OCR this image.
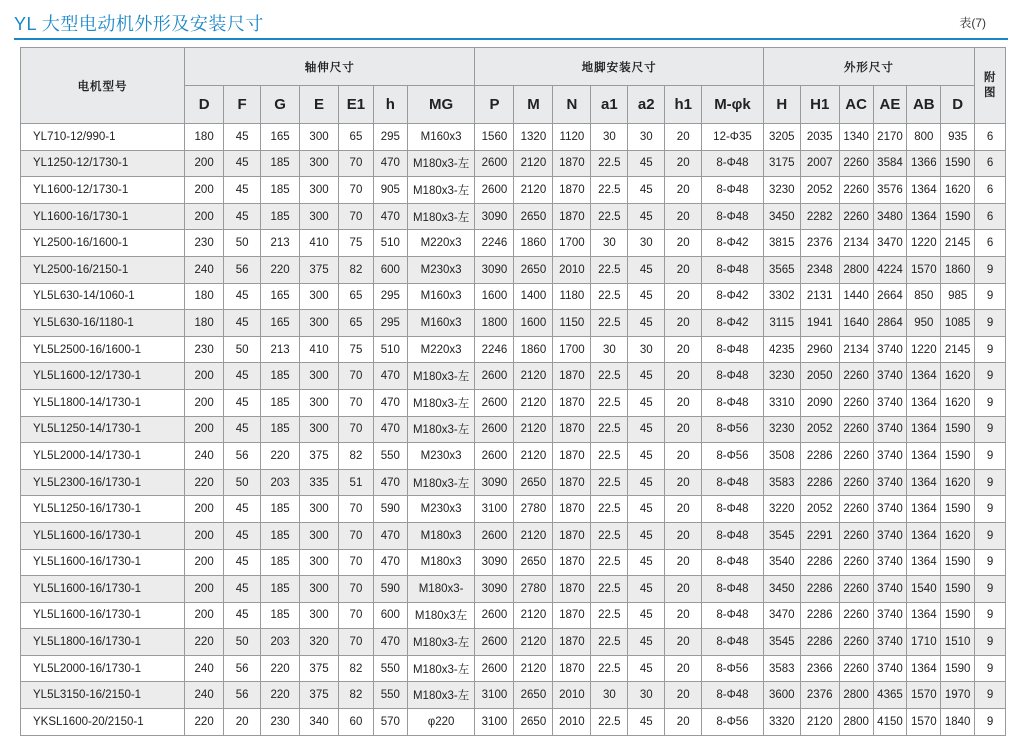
YL 大型电动机外形及安装尺寸	表(7)
电机型号	轴伸尺寸							地脚安装尺寸							外形尺寸						附图
	D	F	G	E	E1	h	MG	P	M	N	a1	a2	h1	M-φk	H	H1	AC	AE	AB	D	
YL710-12/990-1	180	45	165	300	65	295	M160x3	1560	1320	1120	30	30	20	12-Φ35	3205	2035	1340	2170	800	935	6
YL1250-12/1730-1	200	45	185	300	70	470	M180x3-左	2600	2120	1870	22.5	45	20	8-Φ48	3175	2007	2260	3584	1366	1590	6
YL1600-12/1730-1	200	45	185	300	70	905	M180x3-左	2600	2120	1870	22.5	45	20	8-Φ48	3230	2052	2260	3576	1364	1620	6
YL1600-16/1730-1	200	45	185	300	70	470	M180x3-左	3090	2650	1870	22.5	45	20	8-Φ48	3450	2282	2260	3480	1364	1590	6
YL2500-16/1600-1	230	50	213	410	75	510	M220x3	2246	1860	1700	30	30	20	8-Φ42	3815	2376	2134	3470	1220	2145	6
YL2500-16/2150-1	240	56	220	375	82	600	M230x3	3090	2650	2010	22.5	45	20	8-Φ48	3565	2348	2800	4224	1570	1860	9
YL5L630-14/1060-1	180	45	165	300	65	295	M160x3	1600	1400	1180	22.5	45	20	8-Φ42	3302	2131	1440	2664	850	985	9
YL5L630-16/1180-1	180	45	165	300	65	295	M160x3	1800	1600	1150	22.5	45	20	8-Φ42	3115	1941	1640	2864	950	1085	9
YL5L2500-16/1600-1	230	50	213	410	75	510	M220x3	2246	1860	1700	30	30	20	8-Φ48	4235	2960	2134	3740	1220	2145	9
YL5L1600-12/1730-1	200	45	185	300	70	470	M180x3-左	2600	2120	1870	22.5	45	20	8-Φ48	3230	2050	2260	3740	1364	1620	9
YL5L1800-14/1730-1	200	45	185	300	70	470	M180x3-左	2600	2120	1870	22.5	45	20	8-Φ48	3310	2090	2260	3740	1364	1620	9
YL5L1250-14/1730-1	200	45	185	300	70	470	M180x3-左	2600	2120	1870	22.5	45	20	8-Φ56	3230	2052	2260	3740	1364	1590	9
YL5L2000-14/1730-1	240	56	220	375	82	550	M230x3	2600	2120	1870	22.5	45	20	8-Φ56	3508	2286	2260	3740	1364	1590	9
YL5L2300-16/1730-1	220	50	203	335	51	470	M180x3-左	3090	2650	1870	22.5	45	20	8-Φ48	3583	2286	2260	3740	1364	1620	9
YL5L1250-16/1730-1	200	45	185	300	70	590	M230x3	3100	2780	1870	22.5	45	20	8-Φ48	3220	2052	2260	3740	1364	1590	9
YL5L1600-16/1730-1	200	45	185	300	70	470	M180x3	2600	2120	1870	22.5	45	20	8-Φ48	3545	2291	2260	3740	1364	1620	9
YL5L1600-16/1730-1	200	45	185	300	70	470	M180x3	3090	2650	1870	22.5	45	20	8-Φ48	3540	2286	2260	3740	1364	1590	9
YL5L1600-16/1730-1	200	45	185	300	70	590	M180x3-	3090	2780	1870	22.5	45	20	8-Φ48	3450	2286	2260	3740	1540	1590	9
YL5L1600-16/1730-1	200	45	185	300	70	600	M180x3左	2600	2120	1870	22.5	45	20	8-Φ48	3470	2286	2260	3740	1364	1590	9
YL5L1800-16/1730-1	220	50	203	320	70	470	M180x3-左	2600	2120	1870	22.5	45	20	8-Φ48	3545	2286	2260	3740	1710	1510	9
YL5L2000-16/1730-1	240	56	220	375	82	550	M180x3-左	2600	2120	1870	22.5	45	20	8-Φ56	3583	2366	2260	3740	1364	1590	9
YL5L3150-16/2150-1	240	56	220	375	82	550	M180x3-左	3100	2650	2010	30	30	20	8-Φ48	3600	2376	2800	4365	1570	1970	9
YKSL1600-20/2150-1	220	20	230	340	60	570	φ220	3100	2650	2010	22.5	45	20	8-Φ56	3320	2120	2800	4150	1570	1840	9
